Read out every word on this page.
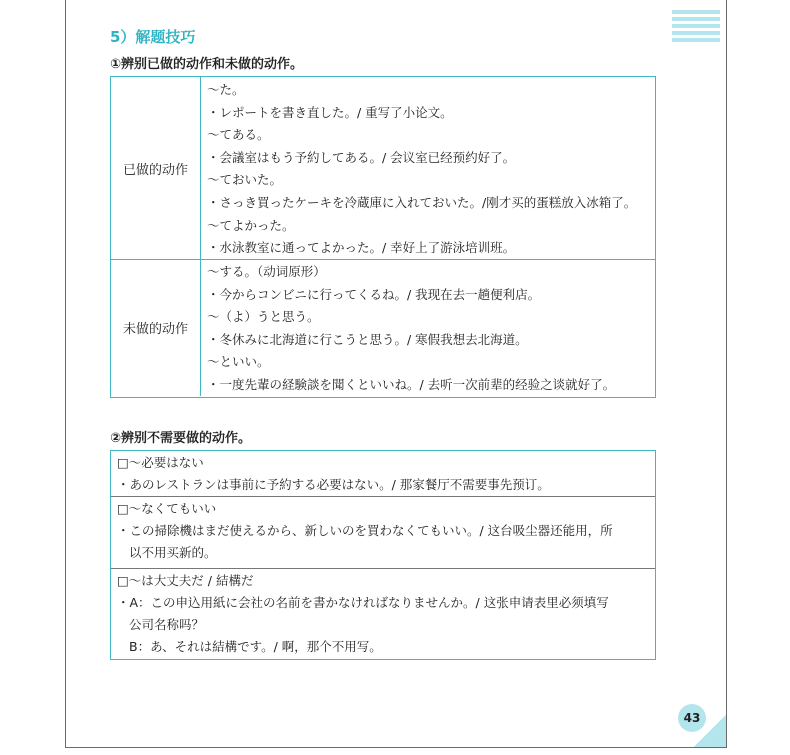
5）解题技巧
①辨别已做的动作和未做的动作。
已做的动作
〜た。
・レポートを書き直した。/ 重写了小论文。
〜てある。
・会議室はもう予約してある。/ 会议室已经预约好了。
〜ておいた。
・さっき買ったケーキを冷蔵庫に入れておいた。/刚才买的蛋糕放入冰箱了。
〜てよかった。
・水泳教室に通ってよかった。/ 幸好上了游泳培训班。
未做的动作
〜する。（动词原形）
・今からコンビニに行ってくるね。/ 我现在去一趟便利店。
〜（よ）うと思う。
・冬休みに北海道に行こうと思う。/ 寒假我想去北海道。
〜といい。
・一度先輩の経験談を聞くといいね。/ 去听一次前辈的经验之谈就好了。
②辨别不需要做的动作。
□〜必要はない
・あのレストランは事前に予約する必要はない。/ 那家餐厅不需要事先预订。
□〜なくてもいい
・この掃除機はまだ使えるから、新しいのを買わなくてもいい。/ 这台吸尘器还能用，所
以不用买新的。
□〜は大丈夫だ / 結構だ
・A：この申込用紙に会社の名前を書かなければなりませんか。/ 这张申请表里必须填写
公司名称吗？
B：あ、それは結構です。/ 啊，那个不用写。
43
